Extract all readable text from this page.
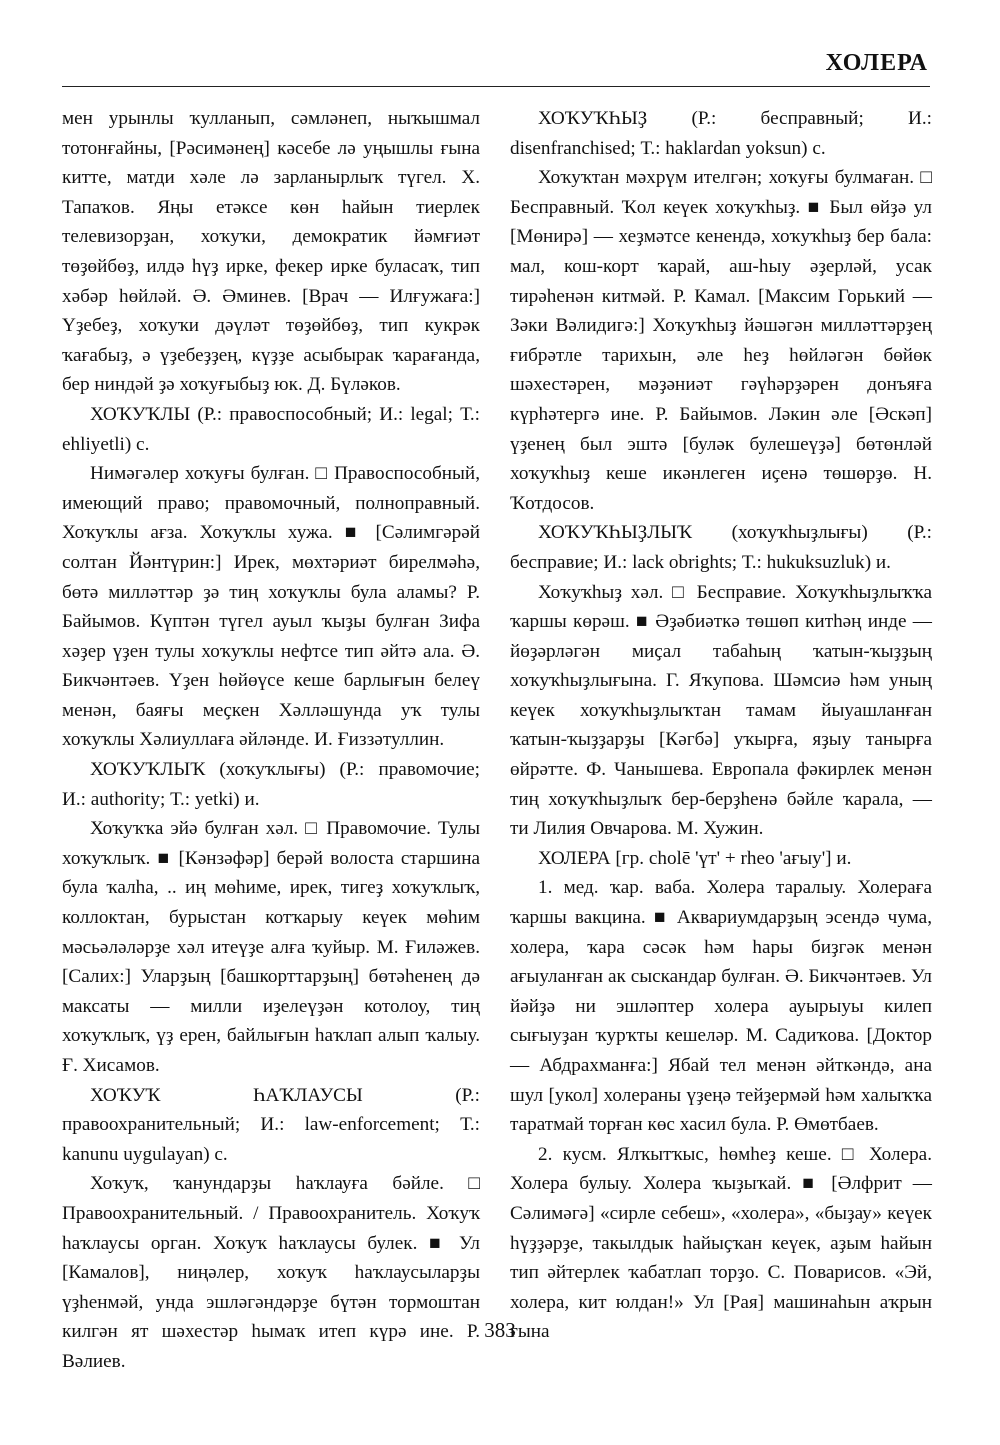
ХОЛЕРА

мен урынлы ҡулланып, сәмләнеп, ныҡышмал тотонғайны, [Рәсимәнең] кәсебе лә уңышлы ғына китте, матди хәле лә зарланырлыҡ түгел. Х. Тапаҡов. Яңы етәксе көн һайын тиерлек телевизорҙан, хоҡуҡи, демократик йәмғиәт төҙөйбөҙ, илдә һүҙ ирке, фекер ирке буласаҡ, тип хәбәр һөйләй. Ә. Әминев. [Врач — Илғужаға:] Үҙебеҙ, хоҡуҡи дәүләт төҙөйбөҙ, тип кукрәк ҡағабыҙ, ә үҙебеҙҙең, күҙҙе асыбырак ҡарағанда, бер ниндәй ҙә хоҡуғыбыҙ юк. Д. Бүләков.

ХОҠУҠЛЫ (Р.: правоспособный; И.: legal; Т.: ehliyetli) с.

Нимәгәлер хоҡуғы булған. □ Правоспособный, имеющий право; правомочный, полноправный. Хоҡуҡлы ағза. Хоҡуҡлы хужа. ■ [Сәлимгәрәй солтан Йәнтүрин:] Ирек, мөхтәриәт бирелмәһә, бөтә милләттәр ҙә тиң хоҡуҡлы була аламы? Р. Байымов. Күптән түгел ауыл ҡыҙы булған Зифа хәҙер үҙен тулы хоҡуҡлы нефтсе тип әйтә ала. Ә. Бикчәнтәев. Үҙен һөйөүсе кеше барлығын белеү менән, баяғы меҫкен Хәлләшунда уҡ тулы хоҡуҡлы Хәлиуллаға әйләнде. И. Ғиззәтуллин.

ХОҠУҠЛЫҠ (хоҡуҡлығы) (Р.: правомочие; И.: authority; Т.: yetki) и.

Хоҡуҡҡа эйә булған хәл. □ Правомочие. Тулы хоҡуҡлыҡ. ■ [Кәнзәфәр] берәй волоста старшина була ҡалһа, .. иң мөһиме, ирек, тигеҙ хоҡуҡлыҡ, коллоктан, бурыстан котҡарыу кеүек мөһим мәсьәләләрҙе хәл итеүҙе алға ҡуйыр. М. Ғиләжев. [Салих:] Уларҙың [башкорттарҙың] бөтәһенең дә максаты — милли иҙелеүҙән котолоу, тиң хоҡуҡлыҡ, үҙ ерен, байлығын һаҡлап алып ҡалыу. Ғ. Хисамов.

ХОҠУҠ ҺАҠЛАУСЫ (Р.: правоохранительный; И.: law-enforcement; Т.: kanunu uygulayan) с.

Хоҡуҡ, ҡанундарҙы һаҡлауға бәйле. □ Правоохранительный. / Правоохранитель. Хоҡуҡ һаҡлаусы орган. Хоҡуҡ һаҡлаусы булек. ■ Ул [Камалов], ниңәлер, хоҡуҡ һаҡлаусыларҙы үҙһенмәй, унда эшләгәндәрҙе бүтән тормоштан килгән ят шәхестәр һымаҡ итеп күрә ине. Р. Вәлиев.

ХОҠУҠҺЫҘ (Р.: бесправный; И.: disenfranchised; Т.: haklardan yoksun) с.

Хоҡуҡтан мәхрүм ителгән; хоҡуғы булмаған. □ Бесправный. Ҡол кеүек хоҡуҡһыҙ. ■ Был өйҙә ул [Мөнирә] — хеҙмәтсе кенендә, хоҡуҡһыҙ бер бала: мал, кош-корт ҡарай, аш-һыу әҙерләй, усак тирәһенән китмәй. Р. Камал. [Максим Горький — Зәки Вәлидигә:] Хоҡуҡһыҙ йәшәгән милләттәрҙең ғибрәтле тарихын, әле һеҙ һөйләгән бөйөк шәхестәрен, мәҙәниәт гәүһәрҙәрен донъяға күрһәтергә ине. Р. Байымов. Ләкин әле [Әскәп] үҙенең был эштә [буләк булешеүҙә] бөтөнләй хоҡуҡһыҙ кеше икәнлеген иҫенә төшөрҙө. Н. Ҡотдосов.

ХОҠУҠҺЫҘЛЫҠ (хоҡуҡһыҙлығы) (Р.: бесправие; И.: lack obrights; Т.: hukuksuzluk) и.

Хоҡуҡһыҙ хәл. □ Бесправие. Хоҡуҡһыҙлыҡҡа ҡаршы көрәш. ■ Әҙәбиәткә төшөп китһәң инде — йөҙәрләгән миҫал табаһың ҡатын-ҡыҙҙың хоҡуҡһыҙлығына. Г. Яҡупова. Шәмсиә һәм уның кеүек хоҡуҡһыҙлыҡтан тамам йыуашланған ҡатын-ҡыҙҙарҙы [Кәгбә] уҡырға, яҙыу танырға өйрәтте. Ф. Чанышева. Европала фәкирлек менән тиң хоҡуҡһыҙлыҡ бер-берҙһенә бәйле ҡарала, — ти Лилия Овчарова. М. Хужин.

ХОЛЕРА [гр. cholē 'үт' + rheo 'ағыу'] и.

1. мед. ҡар. ваба. Холера таралыу. Холераға ҡаршы вакцина. ■ Аквариумдарҙың эсендә чума, холера, ҡара сәсәк һәм һары биҙгәк менән ағыуланған ак сыскандар булған. Ә. Бикчәнтәев. Ул йәйҙә ни эшләптер холера ауырыуы килеп сығыуҙан ҡурҡты кешеләр. М. Садиҡова. [Доктор — Абдрахманға:] Ябай тел менән әйткәндә, ана шул [укол] холераны үҙеңә тейҙермәй һәм халыҡҡа таратмай торған көс хасил була. Р. Өмөтбаев.

2. кусм. Ялҡытҡыс, һөмһеҙ кеше. □ Холера. Холера булыу. Холера ҡыҙыҡай. ■ [Әлфрит — Сәлимәгә] «сирле себеш», «холера», «быҙау» кеүек һүҙҙәрҙе, такылдык һайыҫҡан кеүек, аҙым һайын тип әйтерлек ҡабатлап торҙо. С. Поварисов. «Эй, холера, кит юлдан!» Ул [Рая] машинаһын аҡрын ғына

383
